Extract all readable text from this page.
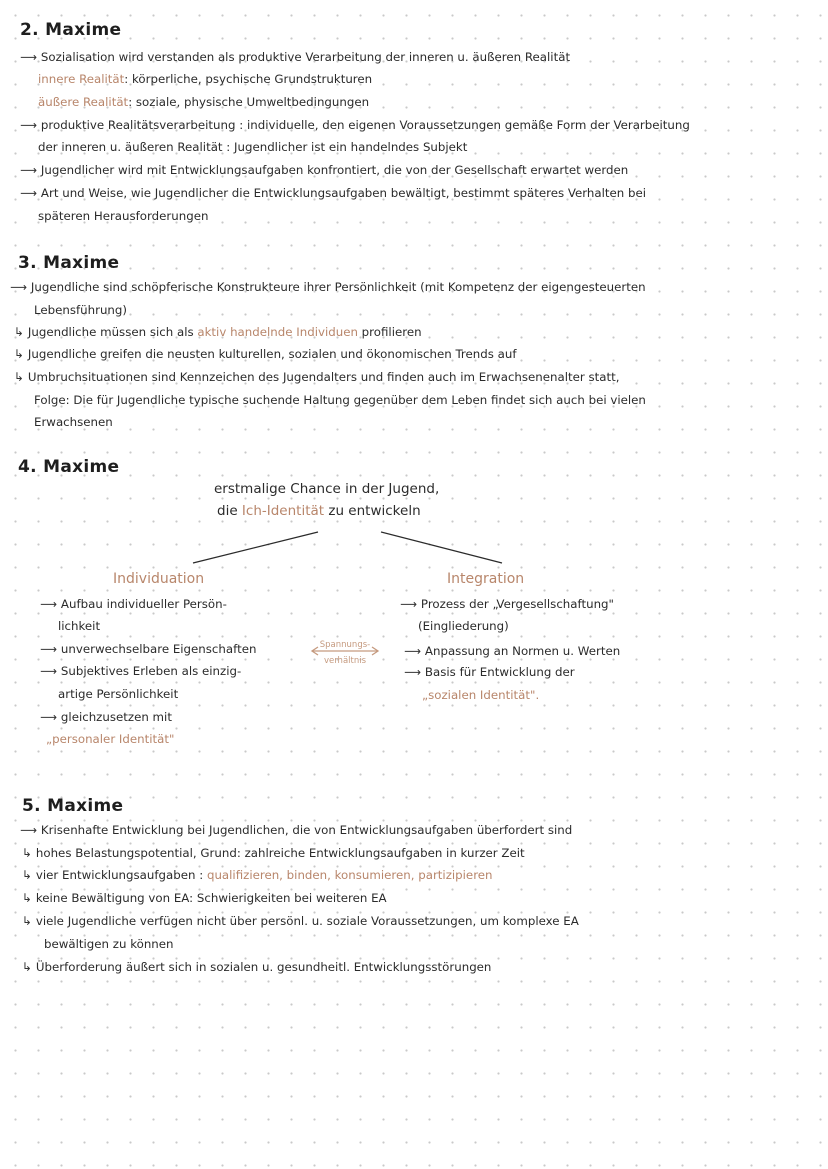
2. Maxime
⟶ Sozialisation wird verstanden als produktive Verarbeitung der inneren u. äußeren Realität
innere Realität: körperliche, psychische Grundstrukturen
äußere Realität: soziale, physische Umweltbedingungen
⟶ produktive Realitätsverarbeitung : individuelle, den eigenen Voraussetzungen gemäße Form der Verarbeitung
der inneren u. äußeren Realität : Jugendlicher ist ein handelndes Subjekt
⟶ Jugendlicher wird mit Entwicklungsaufgaben konfrontiert, die von der Gesellschaft erwartet werden
⟶ Art und Weise, wie Jugendlicher die Entwicklungsaufgaben bewältigt, bestimmt späteres Verhalten bei
späteren Herausforderungen
3. Maxime
⟶ Jugendliche sind schöpferische Konstrukteure ihrer Persönlichkeit (mit Kompetenz der eigengesteuerten
Lebensführung)
↳ Jugendliche müssen sich als aktiv handelnde Individuen profilieren
↳ Jugendliche greifen die neusten kulturellen, sozialen und ökonomischen Trends auf
↳ Umbruchsituationen sind Kennzeichen des Jugendalters und finden auch im Erwachsenenalter statt,
Folge: Die für Jugendliche typische suchende Haltung gegenüber dem Leben findet sich auch bei vielen
Erwachsenen
4. Maxime
erstmalige Chance in der Jugend,
die Ich-Identität zu entwickeln
Individuation
⟶ Aufbau individueller Persön-
lichkeit
⟶ unverwechselbare Eigenschaften
⟶ Subjektives Erleben als einzig-
artige Persönlichkeit
⟶ gleichzusetzen mit
„personaler Identität"
Spannungs-
verhältnis
Integration
⟶ Prozess der „Vergesellschaftung"
(Eingliederung)
⟶ Anpassung an Normen u. Werten
⟶ Basis für Entwicklung der
„sozialen Identität".
5. Maxime
⟶ Krisenhafte Entwicklung bei Jugendlichen, die von Entwicklungsaufgaben überfordert sind
↳ hohes Belastungspotential, Grund: zahlreiche Entwicklungsaufgaben in kurzer Zeit
↳ vier Entwicklungsaufgaben : qualifizieren, binden, konsumieren, partizipieren
↳ keine Bewältigung von EA: Schwierigkeiten bei weiteren EA
↳ viele Jugendliche verfügen nicht über persönl. u. soziale Voraussetzungen, um komplexe EA
bewältigen zu können
↳ Überforderung äußert sich in sozialen u. gesundheitl. Entwicklungsstörungen
